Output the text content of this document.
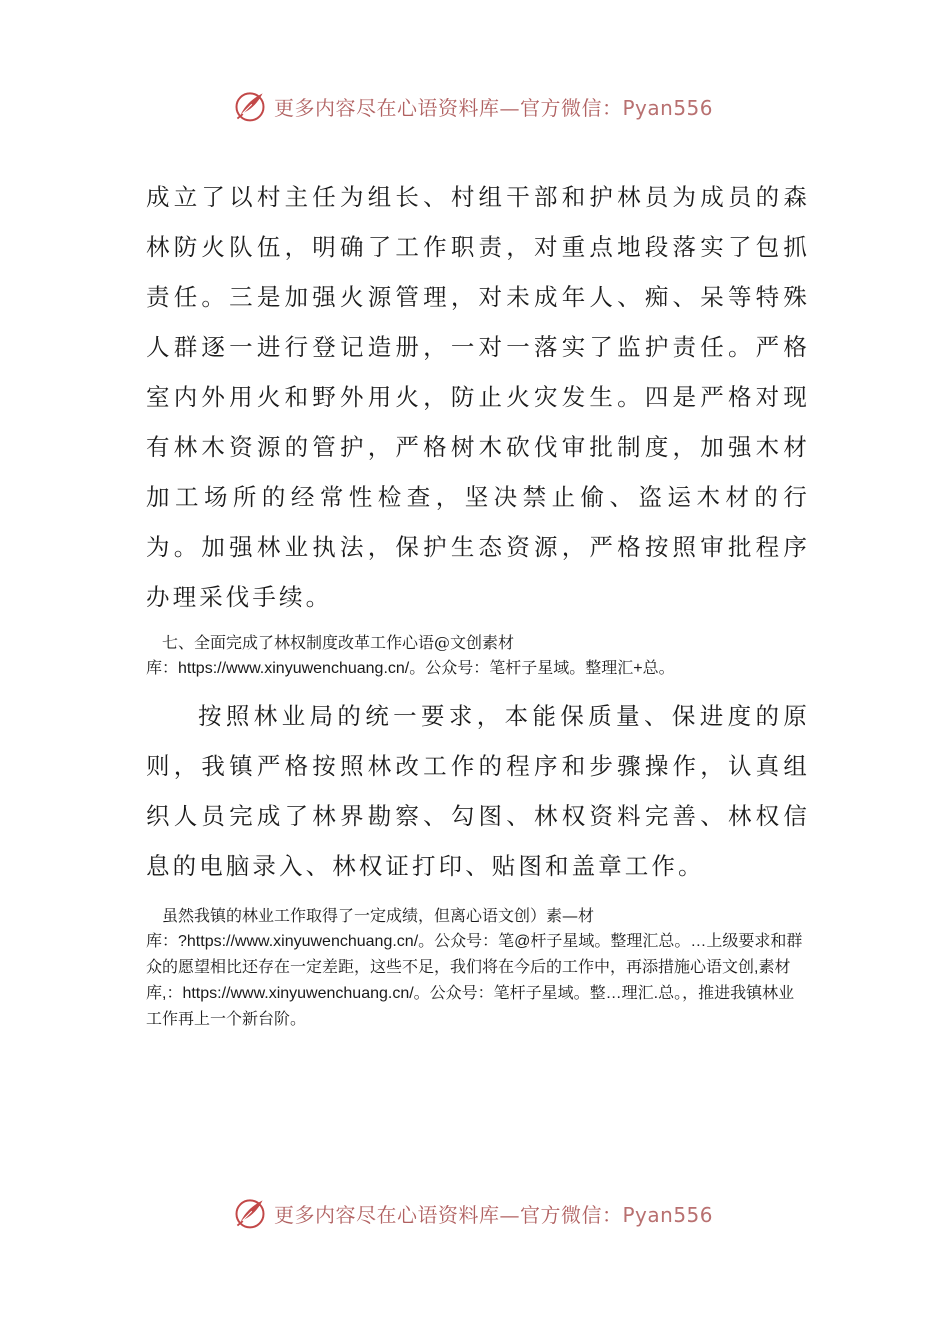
更多内容尽在心语资料库—官方微信：Pyan556

成立了以村主任为组长、村组干部和护林员为成员的森林防火队伍，明确了工作职责，对重点地段落实了包抓责任。三是加强火源管理，对未成年人、痴、呆等特殊人群逐一进行登记造册，一对一落实了监护责任。严格室内外用火和野外用火，防止火灾发生。四是严格对现有林木资源的管护，严格树木砍伐审批制度，加强木材加工场所的经常性检查，坚决禁止偷、盗运木材的行为。加强林业执法，保护生态资源，严格按照审批程序办理采伐手续。

七、全面完成了林权制度改革工作心语@文创素材
库：https://www.xinyuwenchuang.cn/。公众号：笔杆子星域。整理汇+总。

按照林业局的统一要求，本能保质量、保进度的原则，我镇严格按照林改工作的程序和步骤操作，认真组织人员完成了林界勘察、勾图、林权资料完善、林权信息的电脑录入、林权证打印、贴图和盖章工作。

虽然我镇的林业工作取得了一定成绩，但离心语文创）素—材
库：?https://www.xinyuwenchuang.cn/。公众号：笔@杆子星域。整理汇总。…上级要求和群众的愿望相比还存在一定差距，这些不足，我们将在今后的工作中，再添措施心语文创,素材库,：https://www.xinyuwenchuang.cn/。公众号：笔杆子星域。整…理汇.总。，推进我镇林业工作再上一个新台阶。

更多内容尽在心语资料库—官方微信：Pyan556
